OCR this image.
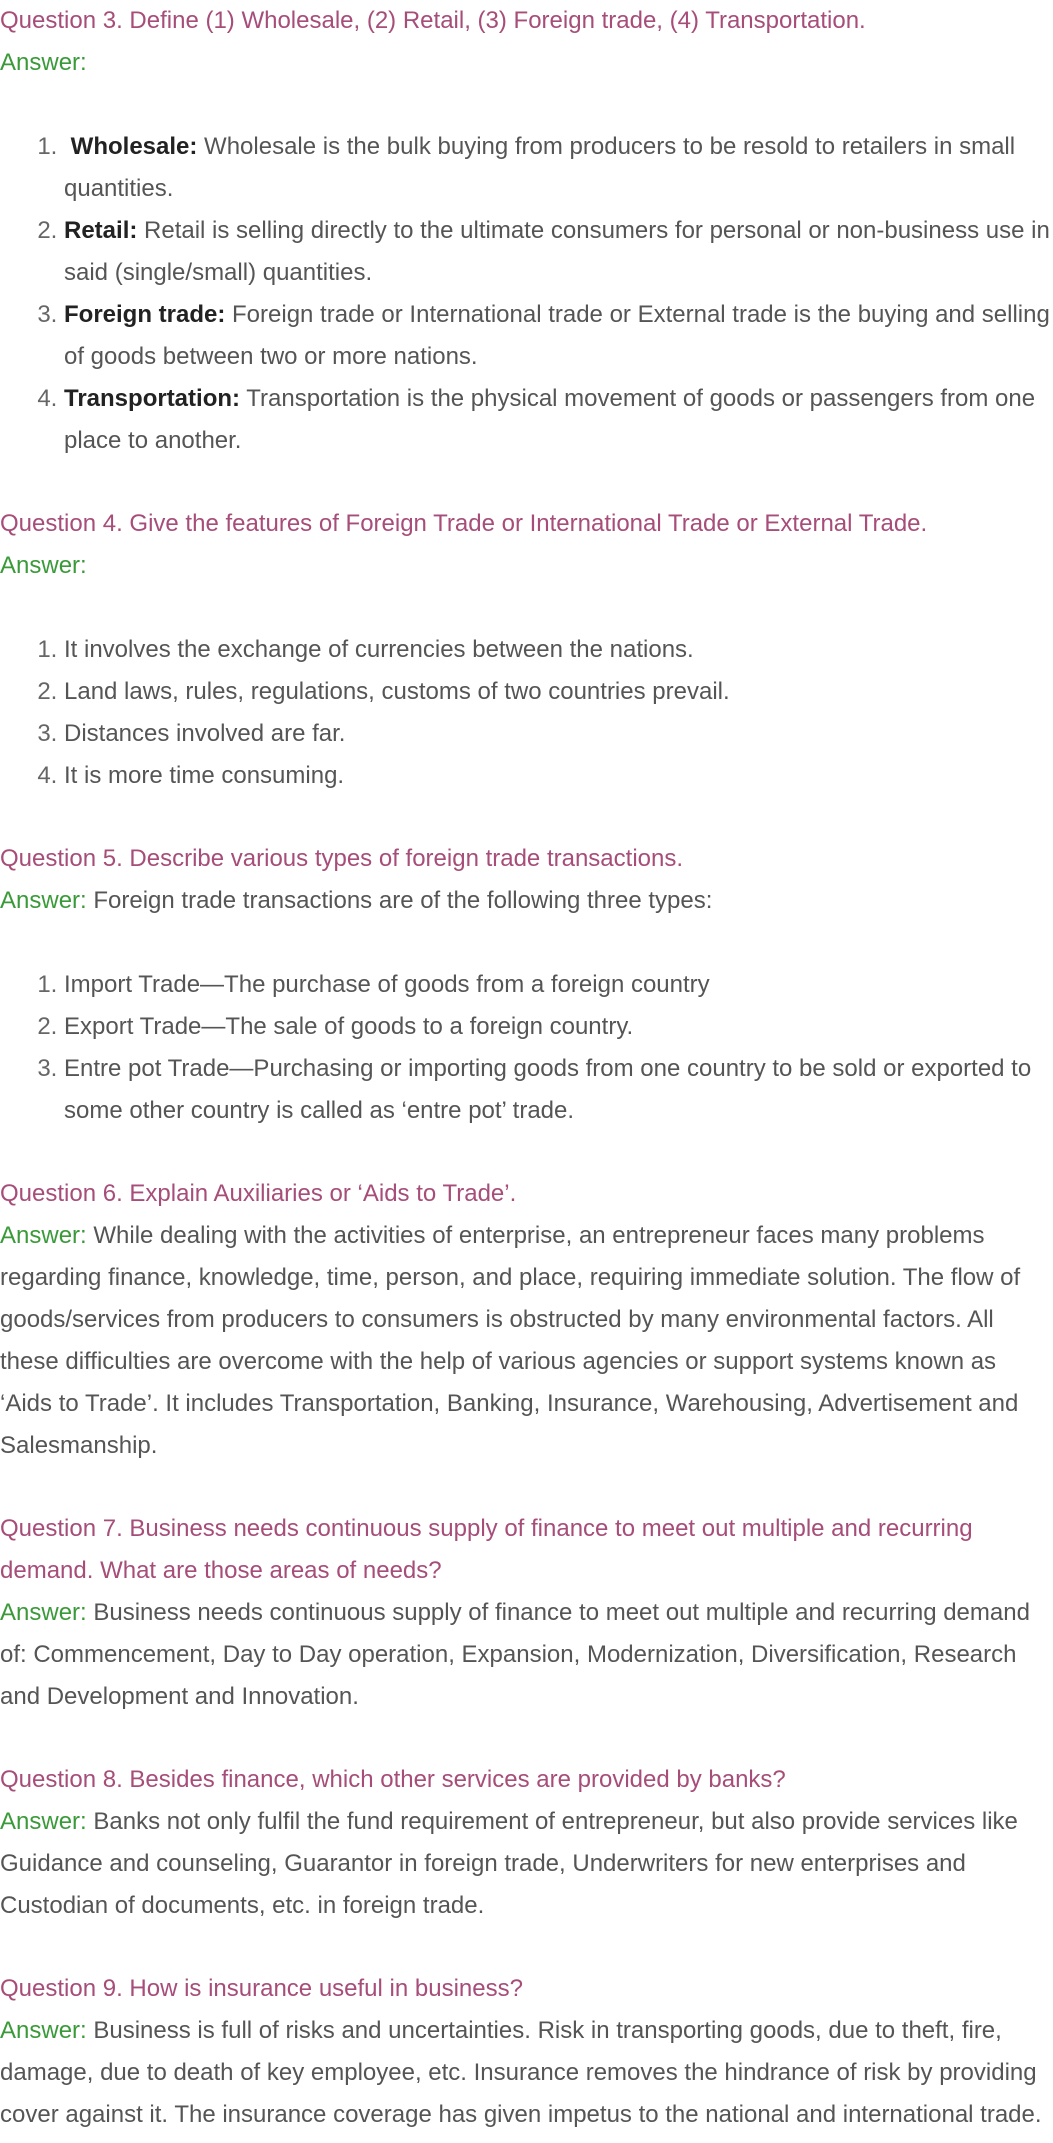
Question 3. Define (1) Wholesale, (2) Retail, (3) Foreign trade, (4) Transportation.

Answer:

1. Wholesale: Wholesale is the bulk buying from producers to be resold to retailers in small quantities.
2. Retail: Retail is selling directly to the ultimate consumers for personal or non-business use in said (single/small) quantities.
3. Foreign trade: Foreign trade or International trade or External trade is the buying and selling of goods between two or more nations.
4. Transportation: Transportation is the physical movement of goods or passengers from one place to another.

Question 4. Give the features of Foreign Trade or International Trade or External Trade.

Answer:

1. It involves the exchange of currencies between the nations.
2. Land laws, rules, regulations, customs of two countries prevail.
3. Distances involved are far.
4. It is more time consuming.

Question 5. Describe various types of foreign trade transactions.

Answer: Foreign trade transactions are of the following three types:

1. Import Trade—The purchase of goods from a foreign country
2. Export Trade—The sale of goods to a foreign country.
3. Entre pot Trade—Purchasing or importing goods from one country to be sold or exported to some other country is called as ‘entre pot’ trade.

Question 6. Explain Auxiliaries or ‘Aids to Trade’.

Answer: While dealing with the activities of enterprise, an entrepreneur faces many problems regarding finance, knowledge, time, person, and place, requiring immediate solution. The flow of goods/services from producers to consumers is obstructed by many environmental factors. All these difficulties are overcome with the help of various agencies or support systems known as ‘Aids to Trade’. It includes Transportation, Banking, Insurance, Warehousing, Advertisement and Salesmanship.

Question 7. Business needs continuous supply of finance to meet out multiple and recurring demand. What are those areas of needs?

Answer: Business needs continuous supply of finance to meet out multiple and recurring demand of: Commencement, Day to Day operation, Expansion, Modernization, Diversification, Research and Development and Innovation.

Question 8. Besides finance, which other services are provided by banks?

Answer: Banks not only fulfil the fund requirement of entrepreneur, but also provide services like Guidance and counseling, Guarantor in foreign trade, Underwriters for new enterprises and Custodian of documents, etc. in foreign trade.

Question 9. How is insurance useful in business?

Answer: Business is full of risks and uncertainties. Risk in transporting goods, due to theft, fire, damage, due to death of key employee, etc. Insurance removes the hindrance of risk by providing cover against it. The insurance coverage has given impetus to the national and international trade.
